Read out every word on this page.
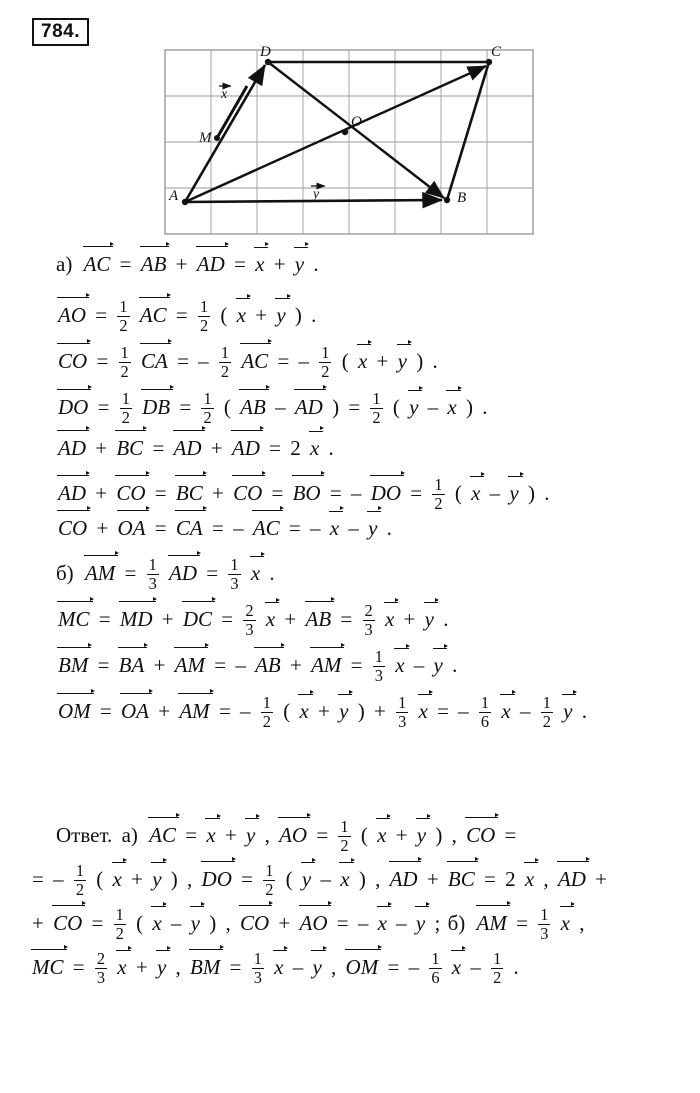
784.
A	B
C
D
O
M
x
y
а) AC = AB + AD = x + y .
AO = $\frac{1}{2}$ AC = $\frac{1}{2}$ ( x + y ) .
CO = $\frac{1}{2}$ CA = – $\frac{1}{2}$ AC = – $\frac{1}{2}$ ( x + y ) .
DO = $\frac{1}{2}$ DB = $\frac{1}{2}$ ( AB – AD ) = $\frac{1}{2}$ ( y – x ) .
AD + BC = AD + AD = 2 x .
AD + CO = BC + CO = BO = – DO = $\frac{1}{2}$ ( x – y ) .
CO + OA = CA = – AC = – x – y .
б) AM = $\frac{1}{3}$ AD = $\frac{1}{3}$ x .
MC = MD + DC = $\frac{2}{3}$ x + AB = $\frac{2}{3}$ x + y .
BM = BA + AM = – AB + AM = $\frac{1}{3}$ x – y .
OM = OA + AM = – $\frac{1}{2}$ ( x + y ) + $\frac{1}{3}$ x = – $\frac{1}{6}$ x – $\frac{1}{2}$ y .
Ответ. а) AC = x + y , AO = $\frac{1}{2}$ ( x + y ) , CO =
= – $\frac{1}{2}$ ( x + y ) , DO = $\frac{1}{2}$ ( y – x ) , AD + BC = 2 x , AD +
+ CO = $\frac{1}{2}$ ( x – y ) , CO + AO = – x – y ; б) AM = $\frac{1}{3}$ x ,
MC = $\frac{2}{3}$ x + y , BM = $\frac{1}{3}$ x – y , OM = – $\frac{1}{6}$ x – $\frac{1}{2}$ .
